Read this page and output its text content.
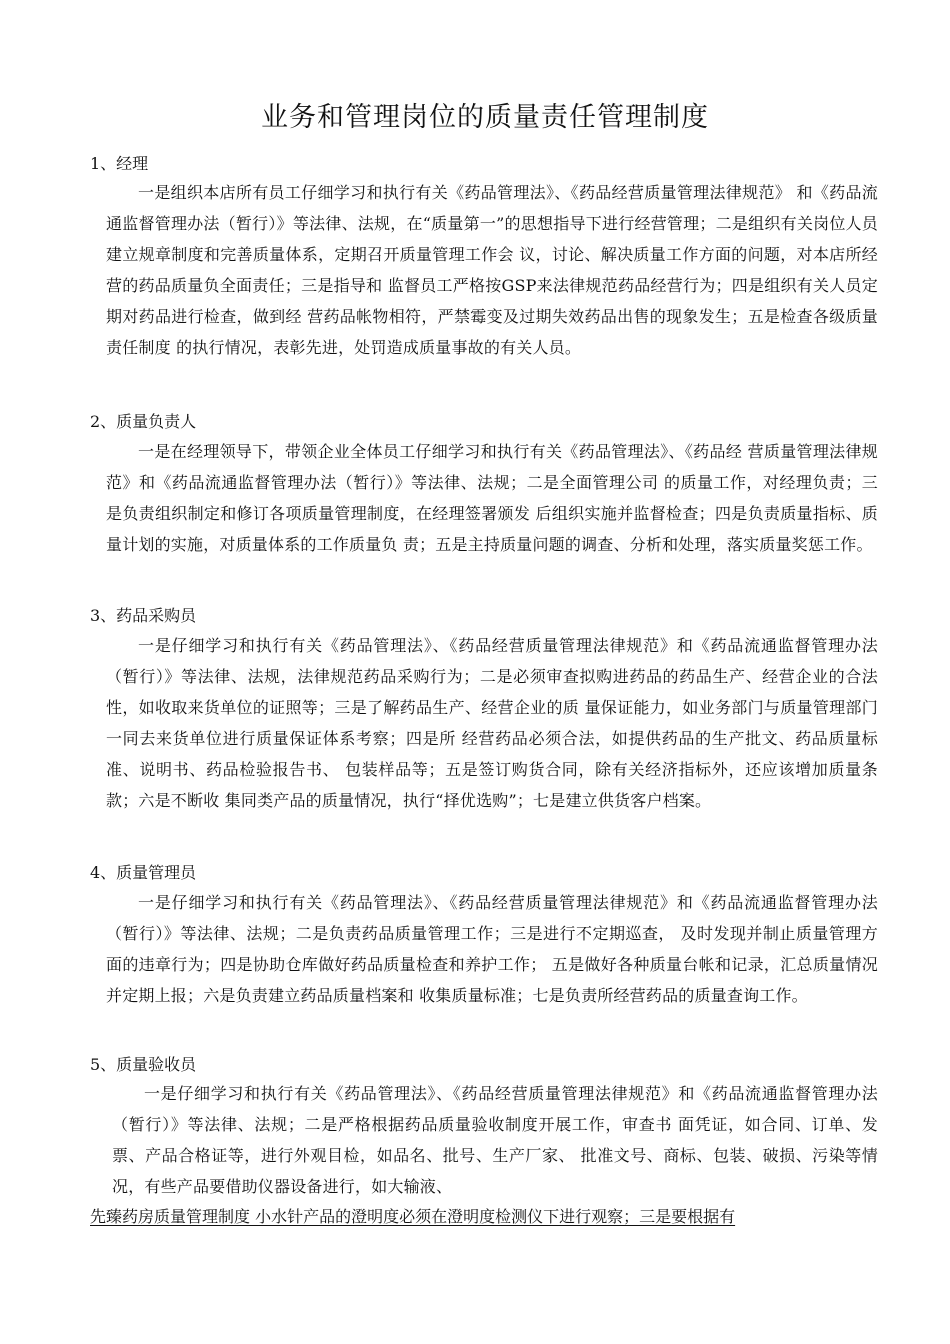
业务和管理岗位的质量责任管理制度
1、经理
一是组织本店所有员工仔细学习和执行有关《药品管理法》、《药品经营质量管理法律规范》 和《药品流通监督管理办法（暂行）》等法律、法规，在“质量第一”的思想指导下进行经营管理；二是组织有关岗位人员建立规章制度和完善质量体系，定期召开质量管理工作会 议，讨论、解决质量工作方面的问题，对本店所经营的药品质量负全面责任；三是指导和 监督员工严格按GSP来法律规范药品经营行为；四是组织有关人员定期对药品进行检查，做到经 营药品帐物相符，严禁霉变及过期失效药品出售的现象发生；五是检查各级质量责任制度 的执行情况，表彰先进，处罚造成质量事故的有关人员。
2、质量负责人
一是在经理领导下，带领企业全体员工仔细学习和执行有关《药品管理法》、《药品经 营质量管理法律规范》和《药品流通监督管理办法（暂行）》等法律、法规；二是全面管理公司 的质量工作，对经理负责；三是负责组织制定和修订各项质量管理制度，在经理签署颁发 后组织实施并监督检查；四是负责质量指标、质量计划的实施，对质量体系的工作质量负 责；五是主持质量问题的调查、分析和处理，落实质量奖惩工作。
3、药品采购员
一是仔细学习和执行有关《药品管理法》、《药品经营质量管理法律规范》和《药品流通监督管理办法（暂行）》等法律、法规，法律规范药品采购行为；二是必须审查拟购进药品的药品生产、经营企业的合法性，如收取来货单位的证照等；三是了解药品生产、经营企业的质 量保证能力，如业务部门与质量管理部门一同去来货单位进行质量保证体系考察；四是所 经营药品必须合法，如提供药品的生产批文、药品质量标准、说明书、药品检验报告书、 包装样品等；五是签订购货合同，除有关经济指标外，还应该增加质量条款；六是不断收 集同类产品的质量情况，执行“择优选购”；七是建立供货客户档案。
4、质量管理员
一是仔细学习和执行有关《药品管理法》、《药品经营质量管理法律规范》和《药品流通监督管理办法（暂行）》等法律、法规；二是负责药品质量管理工作；三是进行不定期巡查， 及时发现并制止质量管理方面的违章行为；四是协助仓库做好药品质量检查和养护工作； 五是做好各种质量台帐和记录，汇总质量情况并定期上报；六是负责建立药品质量档案和 收集质量标准；七是负责所经营药品的质量查询工作。
5、质量验收员
一是仔细学习和执行有关《药品管理法》、《药品经营质量管理法律规范》和《药品流通监督管理办法（暂行）》等法律、法规；二是严格根据药品质量验收制度开展工作，审查书 面凭证，如合同、订单、发票、产品合格证等，进行外观目检，如品名、批号、生产厂家、 批准文号、商标、包装、破损、污染等情况，有些产品要借助仪器设备进行，如大输液、
先臻药房质量管理制度 小水针产品的澄明度必须在澄明度检测仪下进行观察；三是要根据有
